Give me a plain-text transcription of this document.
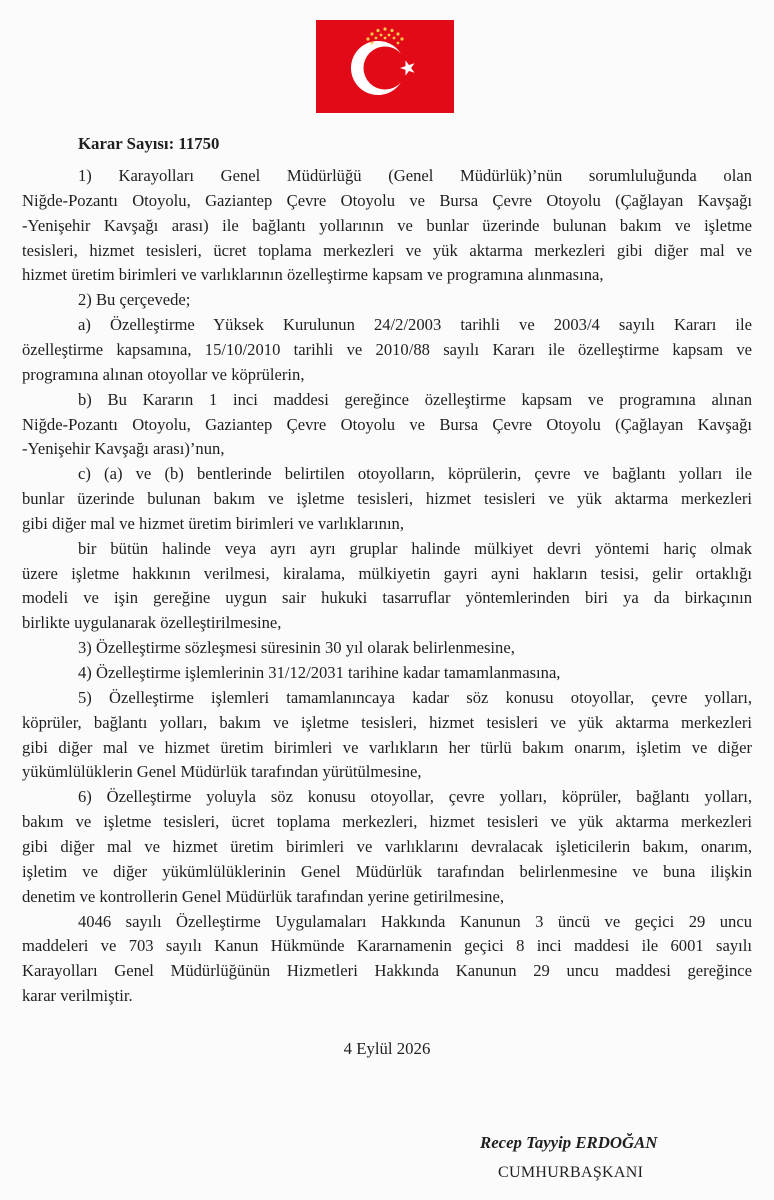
Karar Sayısı: 11750
1) Karayolları Genel Müdürlüğü (Genel Müdürlük)’nün sorumluluğunda olan
Niğde-Pozantı Otoyolu, Gaziantep Çevre Otoyolu ve Bursa Çevre Otoyolu (Çağlayan Kavşağı
-Yenişehir Kavşağı arası) ile bağlantı yollarının ve bunlar üzerinde bulunan bakım ve işletme
tesisleri, hizmet tesisleri, ücret toplama merkezleri ve yük aktarma merkezleri gibi diğer mal ve
hizmet üretim birimleri ve varlıklarının özelleştirme kapsam ve programına alınmasına,
2) Bu çerçevede;
a) Özelleştirme Yüksek Kurulunun 24/2/2003 tarihli ve 2003/4 sayılı Kararı ile
özelleştirme kapsamına, 15/10/2010 tarihli ve 2010/88 sayılı Kararı ile özelleştirme kapsam ve
programına alınan otoyollar ve köprülerin,
b) Bu Kararın 1 inci maddesi gereğince özelleştirme kapsam ve programına alınan
Niğde-Pozantı Otoyolu, Gaziantep Çevre Otoyolu ve Bursa Çevre Otoyolu (Çağlayan Kavşağı
-Yenişehir Kavşağı arası)’nun,
c) (a) ve (b) bentlerinde belirtilen otoyolların, köprülerin, çevre ve bağlantı yolları ile
bunlar üzerinde bulunan bakım ve işletme tesisleri, hizmet tesisleri ve yük aktarma merkezleri
gibi diğer mal ve hizmet üretim birimleri ve varlıklarının,
bir bütün halinde veya ayrı ayrı gruplar halinde mülkiyet devri yöntemi hariç olmak
üzere işletme hakkının verilmesi, kiralama, mülkiyetin gayri ayni hakların tesisi, gelir ortaklığı
modeli ve işin gereğine uygun sair hukuki tasarruflar yöntemlerinden biri ya da birkaçının
birlikte uygulanarak özelleştirilmesine,
3) Özelleştirme sözleşmesi süresinin 30 yıl olarak belirlenmesine,
4) Özelleştirme işlemlerinin 31/12/2031 tarihine kadar tamamlanmasına,
5) Özelleştirme işlemleri tamamlanıncaya kadar söz konusu otoyollar, çevre yolları,
köprüler, bağlantı yolları, bakım ve işletme tesisleri, hizmet tesisleri ve yük aktarma merkezleri
gibi diğer mal ve hizmet üretim birimleri ve varlıkların her türlü bakım onarım, işletim ve diğer
yükümlülüklerin Genel Müdürlük tarafından yürütülmesine,
6) Özelleştirme yoluyla söz konusu otoyollar, çevre yolları, köprüler, bağlantı yolları,
bakım ve işletme tesisleri, ücret toplama merkezleri, hizmet tesisleri ve yük aktarma merkezleri
gibi diğer mal ve hizmet üretim birimleri ve varlıklarını devralacak işleticilerin bakım, onarım,
işletim ve diğer yükümlülüklerinin Genel Müdürlük tarafından belirlenmesine ve buna ilişkin
denetim ve kontrollerin Genel Müdürlük tarafından yerine getirilmesine,
4046 sayılı Özelleştirme Uygulamaları Hakkında Kanunun 3 üncü ve geçici 29 uncu
maddeleri ve 703 sayılı Kanun Hükmünde Kararnamenin geçici 8 inci maddesi ile 6001 sayılı
Karayolları Genel Müdürlüğünün Hizmetleri Hakkında Kanunun 29 uncu maddesi gereğince
karar verilmiştir.
4 Eylül 2026
Recep Tayyip ERDOĞAN
CUMHURBAŞKANI
